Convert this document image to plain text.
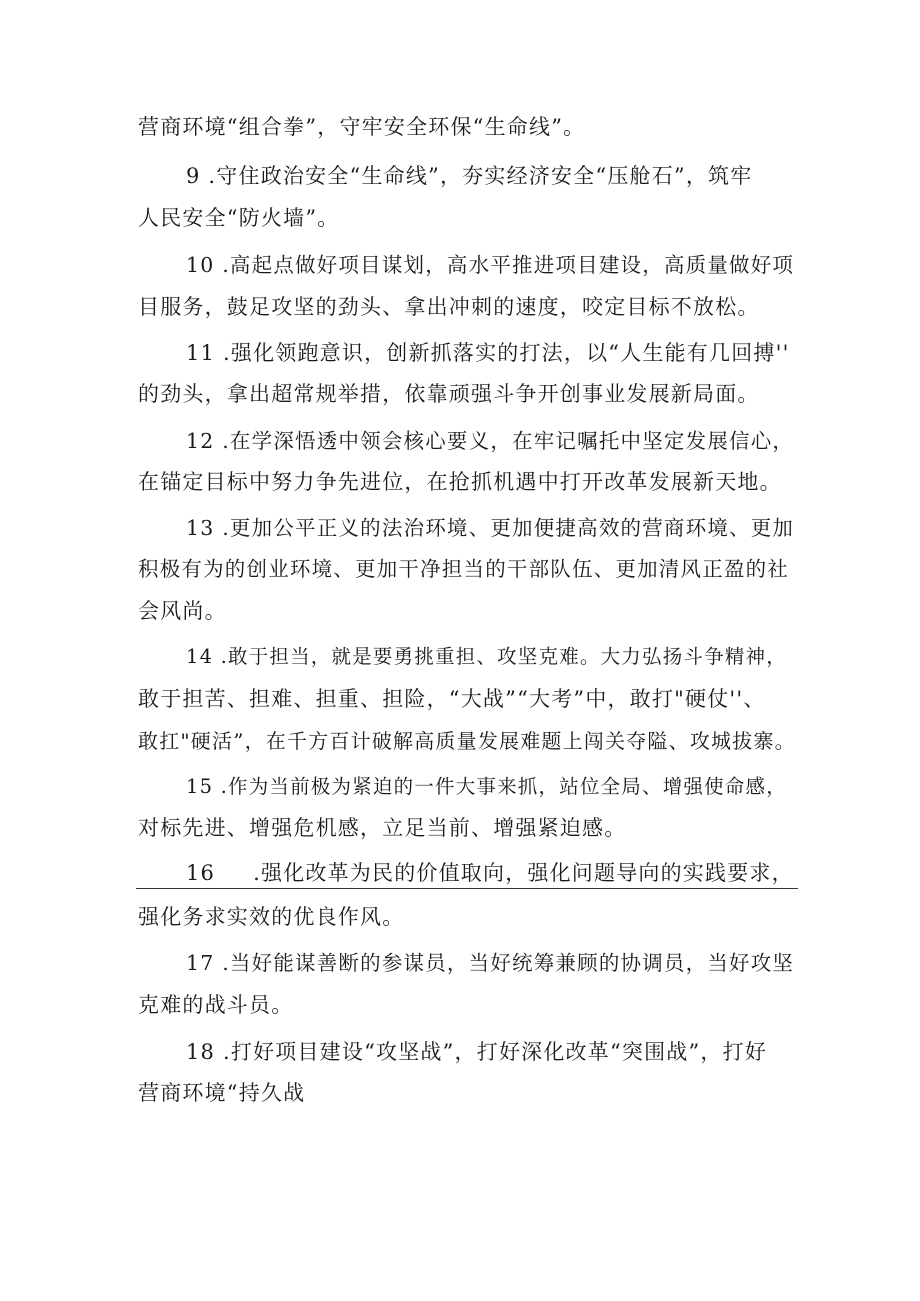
营商环境“组合拳”，守牢安全环保“生命线”。
9 .守住政治安全“生命线”，夯实经济安全“压舱石”，筑牢
人民安全“防火墙”。
10 .高起点做好项目谋划，高水平推进项目建设，高质量做好项
目服务，鼓足攻坚的劲头、拿出冲刺的速度，咬定目标不放松。
11 .强化领跑意识，创新抓落实的打法，以“人生能有几回搏''
的劲头，拿出超常规举措，依靠顽强斗争开创事业发展新局面。
12 .在学深悟透中领会核心要义，在牢记嘱托中坚定发展信心，
在锚定目标中努力争先进位，在抢抓机遇中打开改革发展新天地。
13 .更加公平正义的法治环境、更加便捷高效的营商环境、更加
积极有为的创业环境、更加干净担当的干部队伍、更加清风正盈的社
会风尚。
14 .敢于担当，就是要勇挑重担、攻坚克难。大力弘扬斗争精神，
敢于担苦、担难、担重、担险，“大战”“大考”中，敢打"硬仗''、
敢扛"硬活”，在千方百计破解高质量发展难题上闯关夺隘、攻城拔寨。
15 .作为当前极为紧迫的一件大事来抓，站位全局、增强使命感，
对标先进、增强危机感，立足当前、增强紧迫感。
16 .强化改革为民的价值取向，强化问题导向的实践要求，
强化务求实效的优良作风。
17 .当好能谋善断的参谋员，当好统筹兼顾的协调员，当好攻坚
克难的战斗员。
18 .打好项目建设“攻坚战”，打好深化改革“突围战”，打好
营商环境“持久战
